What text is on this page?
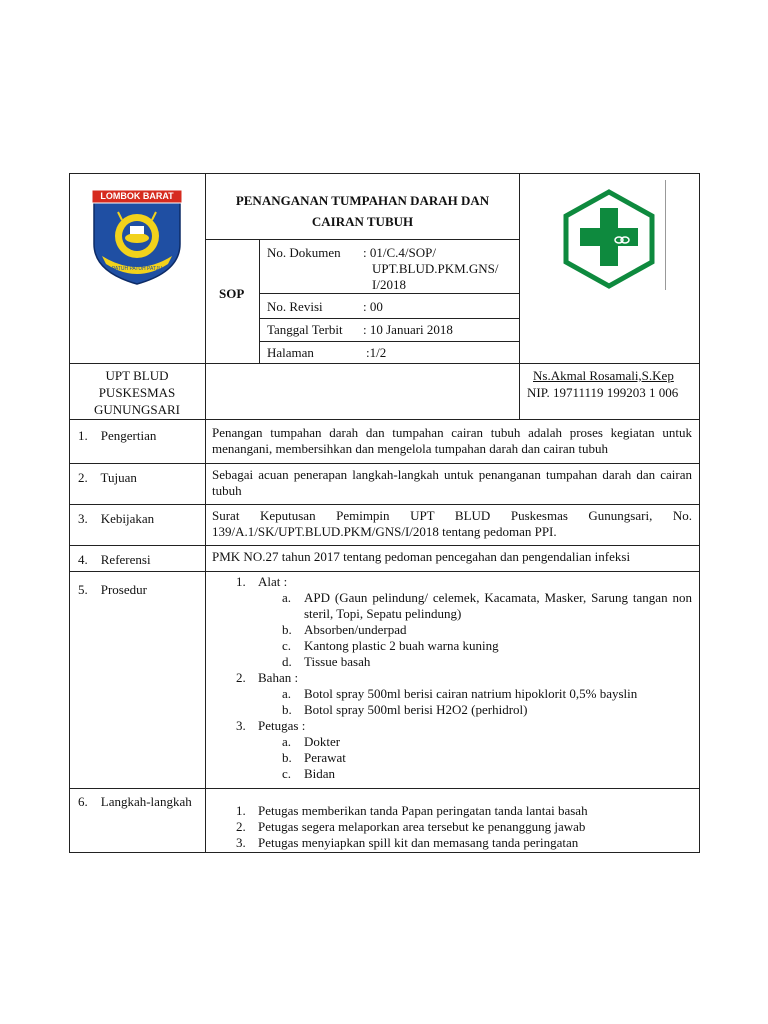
LOMBOK BARAT
PATUH PATUH PATJU
PENANGANAN TUMPAHAN DARAH DAN
CAIRAN TUBUH
SOP
No. Dokumen : 01/C.4/SOP/
UPT.BLUD.PKM.GNS/
I/2018
No. Revisi	: 00
Tanggal Terbit : 10 Januari 2018
Halaman	:1/2
UPT BLUD
PUSKESMAS
GUNUNGSARI
Ns.Akmal Rosamali,S.Kep
NIP. 19711119 199203 1 006
1.    Pengertian	Penangan tumpahan darah dan tumpahan cairan tubuh adalah proses kegiatan untuk menangani, membersihkan dan mengelola tumpahan darah dan cairan tubuh
2.    Tujuan	Sebagai acuan penerapan langkah-langkah untuk penanganan tumpahan darah dan cairan tubuh
3.    Kebijakan	Surat Keputusan Pemimpin UPT BLUD Puskesmas Gunungsari, No. 139/A.1/SK/UPT.BLUD.PKM/GNS/I/2018 tentang pedoman PPI.
4.    Referensi	PMK NO.27 tahun 2017 tentang pedoman pencegahan dan pengendalian infeksi
5.    Prosedur
1. Alat :
a. APD (Gaun pelindung/ celemek, Kacamata, Masker, Sarung tangan non steril, Topi, Sepatu pelindung)
b. Absorben/underpad
c. Kantong plastic 2 buah warna kuning
d. Tissue basah
2. Bahan :
a. Botol spray 500ml berisi cairan natrium hipoklorit 0,5% bayslin
b. Botol spray 500ml berisi H2O2 (perhidrol)
3. Petugas :
a. Dokter
b. Perawat
c. Bidan
6.    Langkah-langkah
1. Petugas memberikan tanda Papan peringatan tanda lantai basah
2. Petugas segera melaporkan area tersebut ke penanggung jawab
3. Petugas menyiapkan spill kit dan memasang tanda peringatan
